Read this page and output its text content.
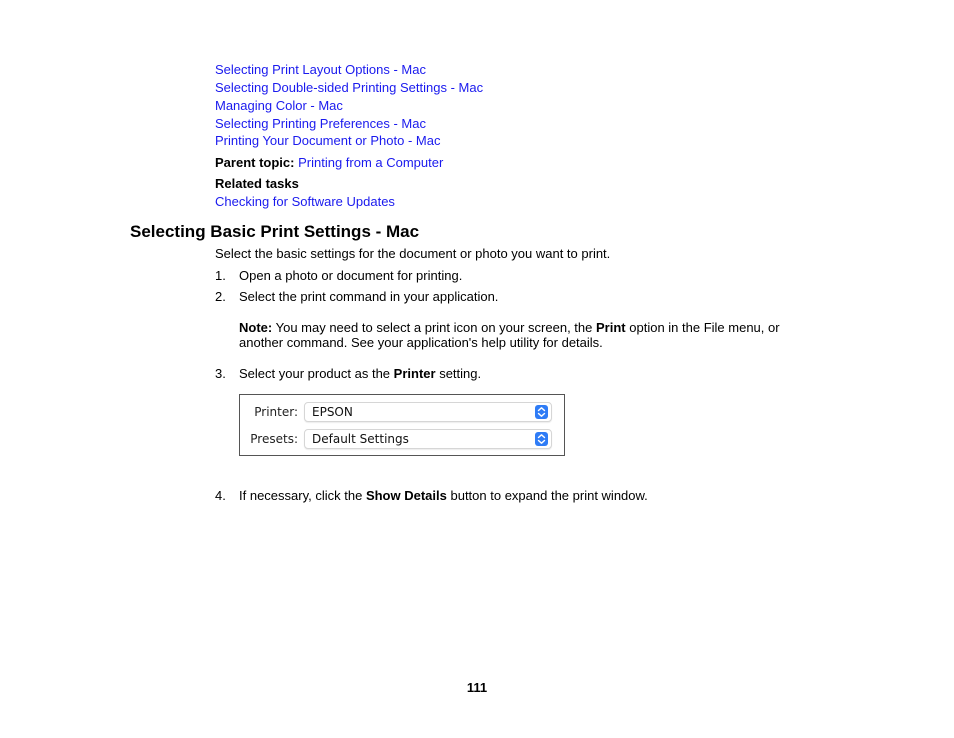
Selecting Print Layout Options - Mac
Selecting Double-sided Printing Settings - Mac
Managing Color - Mac
Selecting Printing Preferences - Mac
Printing Your Document or Photo - Mac
Parent topic: Printing from a Computer
Related tasks
Checking for Software Updates
Selecting Basic Print Settings - Mac
Select the basic settings for the document or photo you want to print.
1. Open a photo or document for printing.
2. Select the print command in your application.
Note: You may need to select a print icon on your screen, the Print option in the File menu, or
another command. See your application's help utility for details.
3. Select your product as the Printer setting.
Printer: EPSON
Presets: Default Settings
4. If necessary, click the Show Details button to expand the print window.
111
